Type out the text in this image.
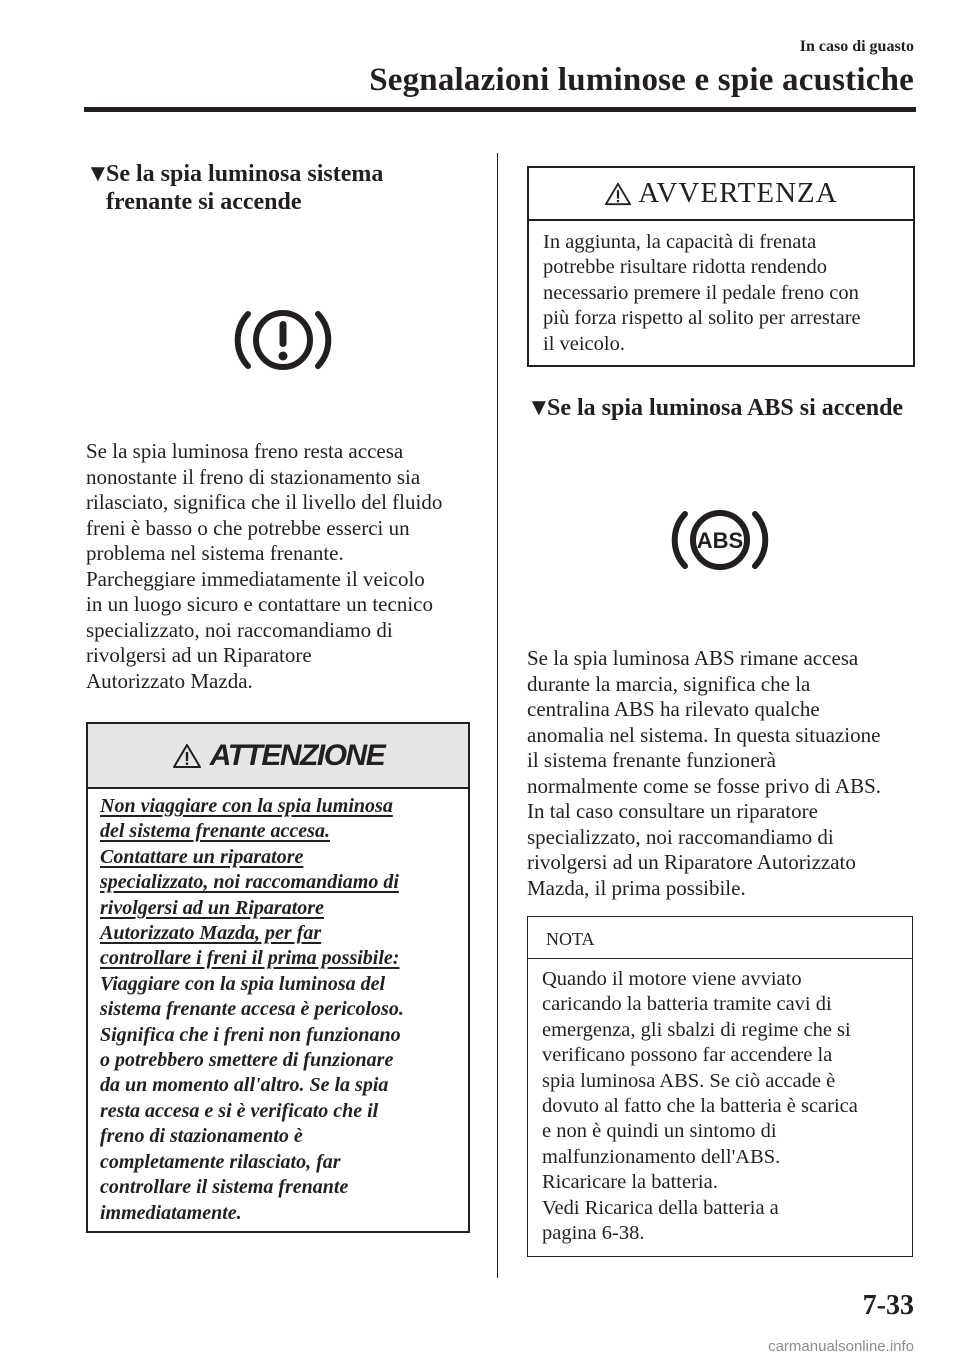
In caso di guasto
Segnalazioni luminose e spie acustiche
▼Se la spia luminosa sistema
frenante si accende
Se la spia luminosa freno resta accesa
nonostante il freno di stazionamento sia
rilasciato, significa che il livello del fluido
freni è basso o che potrebbe esserci un
problema nel sistema frenante.
Parcheggiare immediatamente il veicolo
in un luogo sicuro e contattare un tecnico
specializzato, noi raccomandiamo di
rivolgersi ad un Riparatore
Autorizzato Mazda.
ATTENZIONE
Non viaggiare con la spia luminosa
del sistema frenante accesa.
Contattare un riparatore
specializzato, noi raccomandiamo di
rivolgersi ad un Riparatore
Autorizzato Mazda, per far
controllare i freni il prima possibile:
Viaggiare con la spia luminosa del
sistema frenante accesa è pericoloso.
Significa che i freni non funzionano
o potrebbero smettere di funzionare
da un momento all'altro. Se la spia
resta accesa e si è verificato che il
freno di stazionamento è
completamente rilasciato, far
controllare il sistema frenante
immediatamente.
AVVERTENZA
In aggiunta, la capacità di frenata
potrebbe risultare ridotta rendendo
necessario premere il pedale freno con
più forza rispetto al solito per arrestare
il veicolo.
▼Se la spia luminosa ABS si accende
ABS
Se la spia luminosa ABS rimane accesa
durante la marcia, significa che la
centralina ABS ha rilevato qualche
anomalia nel sistema. In questa situazione
il sistema frenante funzionerà
normalmente come se fosse privo di ABS.
In tal caso consultare un riparatore
specializzato, noi raccomandiamo di
rivolgersi ad un Riparatore Autorizzato
Mazda, il prima possibile.
NOTA
Quando il motore viene avviato
caricando la batteria tramite cavi di
emergenza, gli sbalzi di regime che si
verificano possono far accendere la
spia luminosa ABS. Se ciò accade è
dovuto al fatto che la batteria è scarica
e non è quindi un sintomo di
malfunzionamento dell'ABS.
Ricaricare la batteria.
Vedi Ricarica della batteria a
pagina 6-38.
7-33
carmanualsonline.info
